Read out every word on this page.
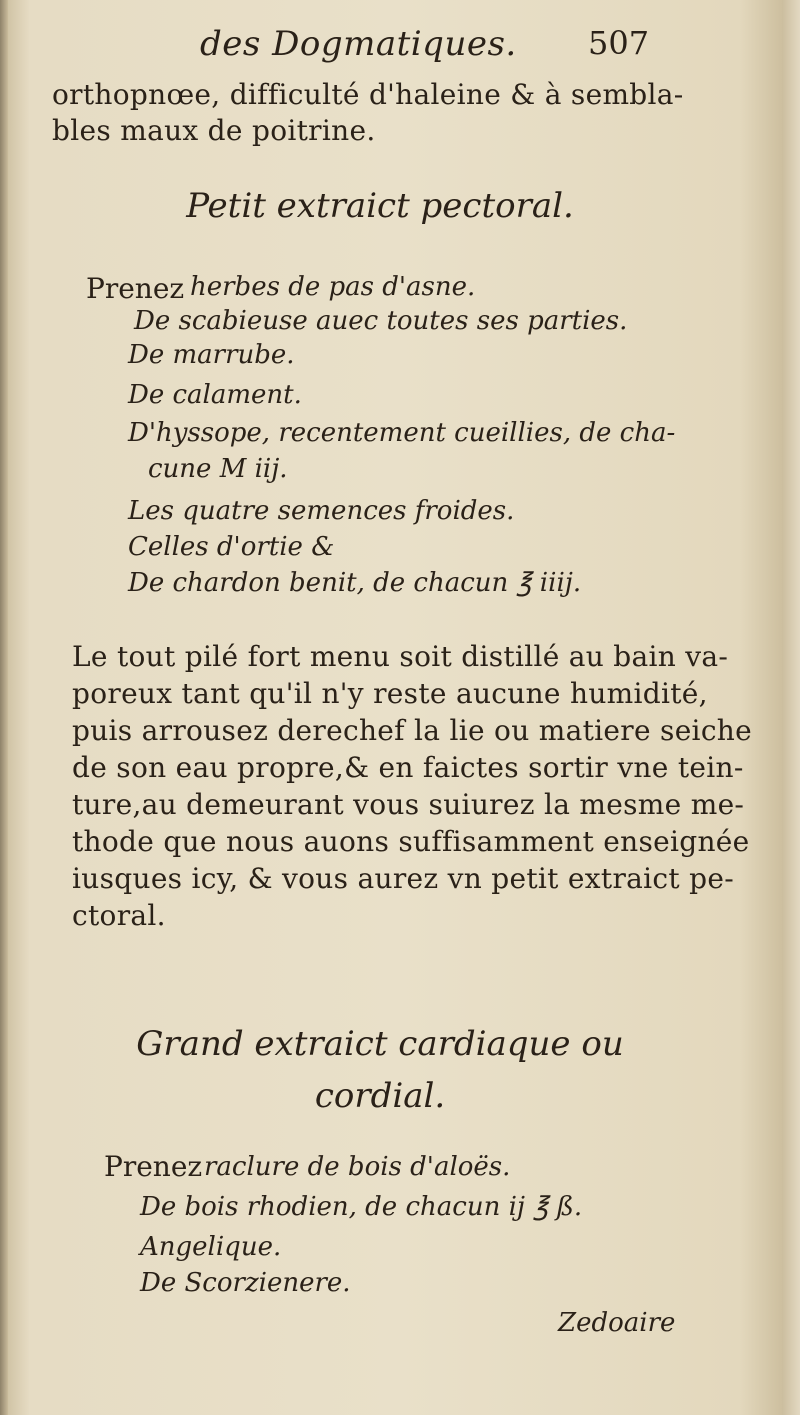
des Dogmatiques. 507
orthopnœe, difficulté d'haleine & à sembla-
bles maux de poitrine.
Petit extraict pectoral.
Prenez herbes de pas d'asne.
De scabieuse auec toutes ses parties.
De marrube.
De calament.
D'hyssope, recentement cueillies, de cha-
cune M iij.
Les quatre semences froides.
Celles d'ortie &
De chardon benit, de chacun ℥ iiij.
Le tout pilé fort menu soit distillé au bain va-
poreux tant qu'il n'y reste aucune humidité,
puis arrousez derechef la lie ou matiere seiche
de son eau propre,& en faictes sortir vne tein-
ture,au demeurant vous suiurez la mesme me-
thode que nous auons suffisamment enseignée
iusques icy, & vous aurez vn petit extraict pe-
ctoral.
Grand extraict cardiaque ou
cordial.
Prenez raclure de bois d'aloës.
De bois rhodien, de chacun ij ℥ ß.
Angelique.
De Scorzienere.
Zedoaire
